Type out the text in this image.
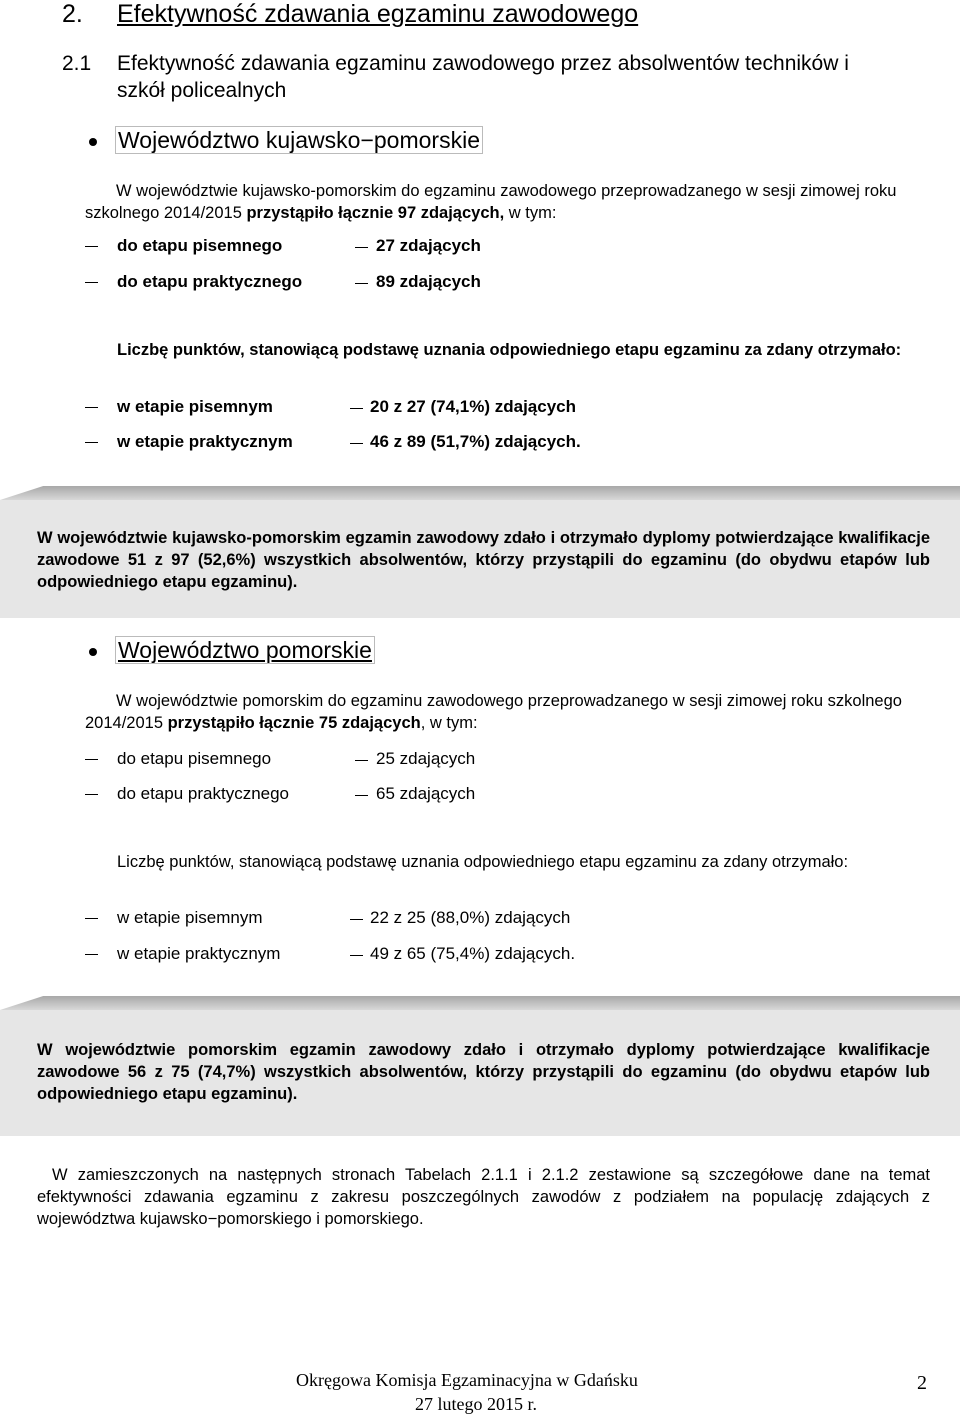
2. Efektywność zdawania egzaminu zawodowego
2.1 Efektywność zdawania egzaminu zawodowego przez absolwentów techników i szkół policealnych
Województwo kujawsko−pomorskie
W województwie kujawsko-pomorskim do egzaminu zawodowego przeprowadzanego w sesji zimowej roku szkolnego 2014/2015 przystąpiło łącznie 97 zdających, w tym:
do etapu pisemnego	27 zdających
do etapu praktycznego	89 zdających
Liczbę punktów, stanowiącą podstawę uznania odpowiedniego etapu egzaminu za zdany otrzymało:
w etapie pisemnym	20 z 27 (74,1%) zdających
w etapie praktycznym	46 z 89 (51,7%) zdających.
W województwie kujawsko-pomorskim egzamin zawodowy zdało i otrzymało dyplomy potwierdzające kwalifikacje zawodowe 51 z 97 (52,6%) wszystkich absolwentów, którzy przystąpili do egzaminu (do obydwu etapów lub odpowiedniego etapu egzaminu).
Województwo pomorskie
W województwie pomorskim do egzaminu zawodowego przeprowadzanego w sesji zimowej roku szkolnego 2014/2015 przystąpiło łącznie 75 zdających, w tym:
do etapu pisemnego	25 zdających
do etapu praktycznego	65 zdających
Liczbę punktów, stanowiącą podstawę uznania odpowiedniego etapu egzaminu za zdany otrzymało:
w etapie pisemnym	22 z 25 (88,0%) zdających
w etapie praktycznym	49 z 65 (75,4%) zdających.
W województwie pomorskim egzamin zawodowy zdało i otrzymało dyplomy potwierdzające kwalifikacje zawodowe 56 z 75 (74,7%) wszystkich absolwentów, którzy przystąpili do egzaminu (do obydwu etapów lub odpowiedniego etapu egzaminu).
W zamieszczonych na następnych stronach Tabelach 2.1.1 i 2.1.2 zestawione są szczegółowe dane na temat efektywności zdawania egzaminu z zakresu poszczególnych zawodów z podziałem na populację zdających z województwa kujawsko−pomorskiego i pomorskiego.
Okręgowa Komisja Egzaminacyjna w Gdańsku
27 lutego 2015 r.
2
